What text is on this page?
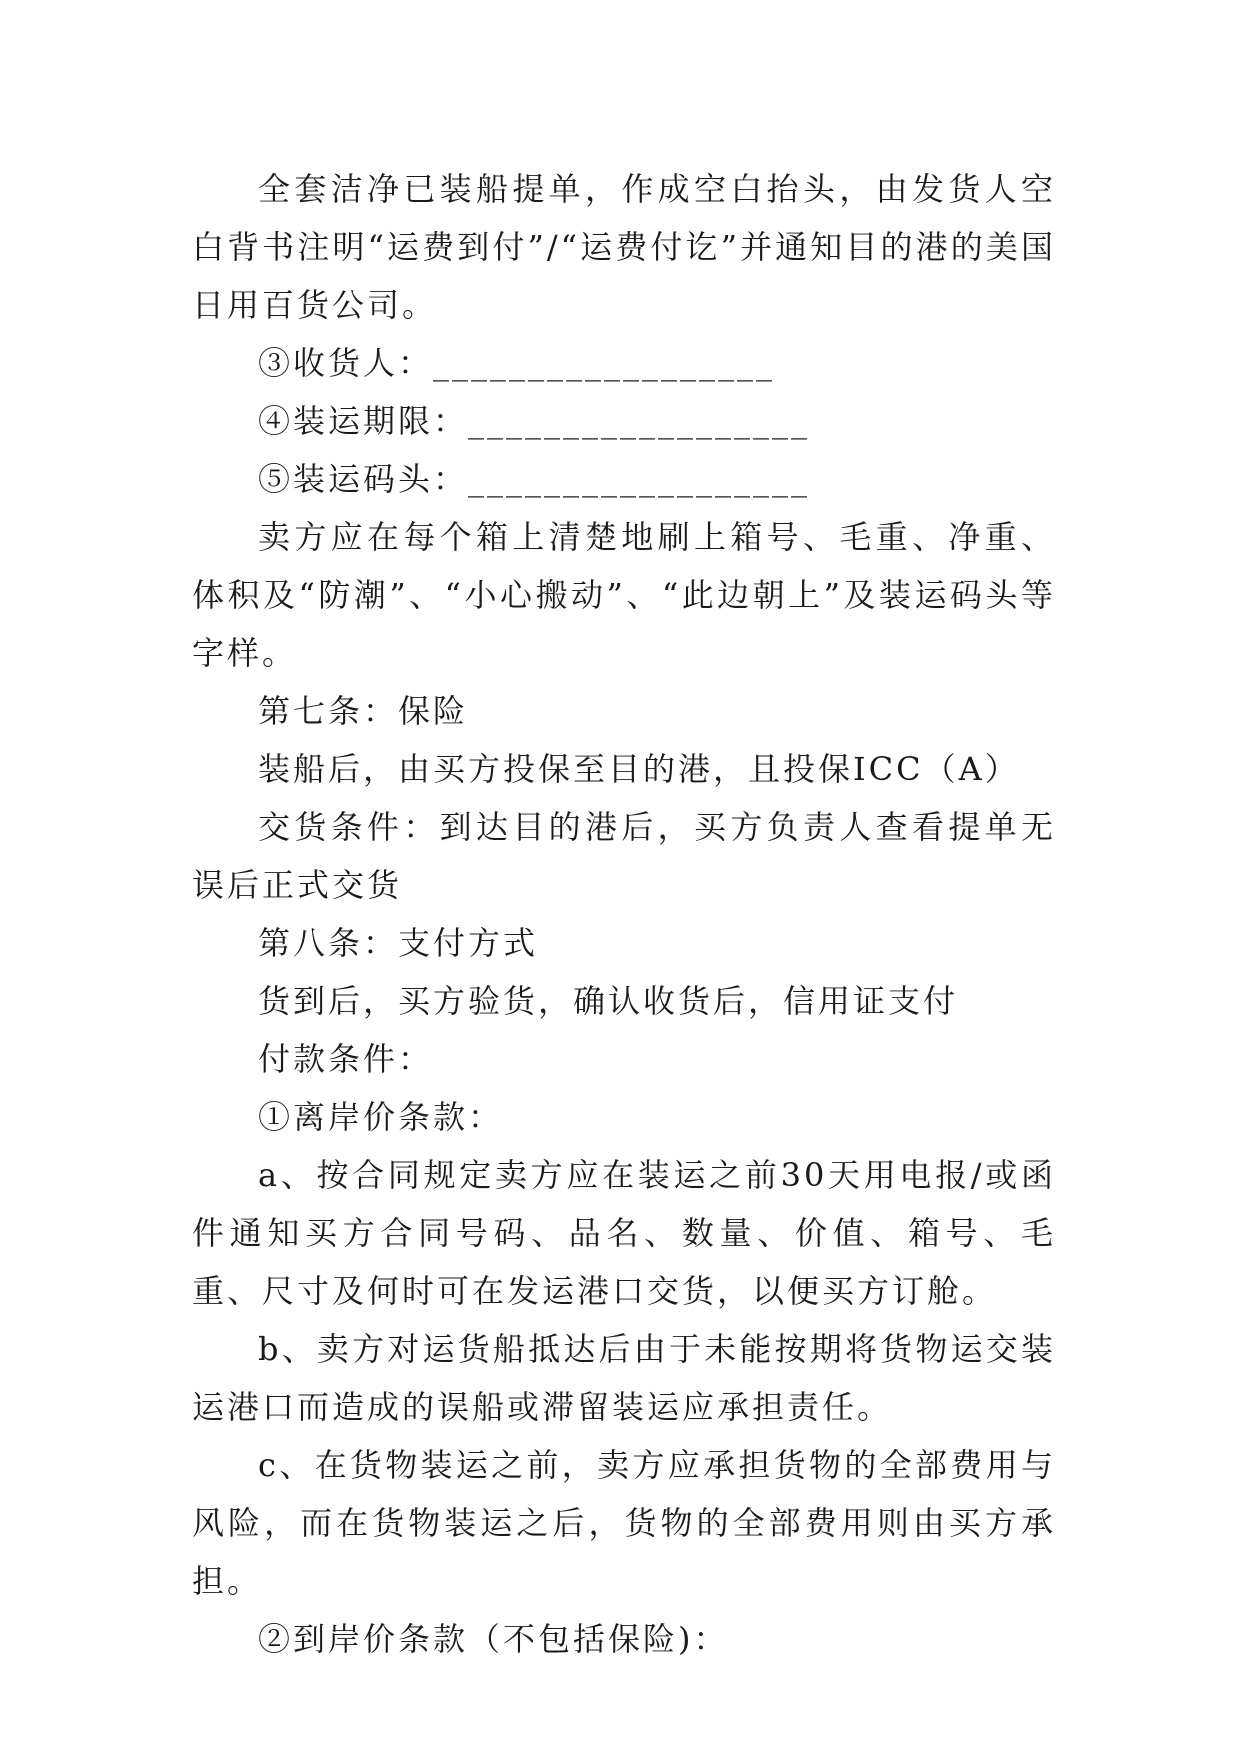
全套洁净已装船提单，作成空白抬头，由发货人空白背书注明“运费到付”/“运费付讫”并通知目的港的美国日用百货公司。

③收货人：__________________

④装运期限：__________________

⑤装运码头：__________________

卖方应在每个箱上清楚地刷上箱号、毛重、净重、体积及“防潮”、“小心搬动”、“此边朝上”及装运码头等字样。

第七条：保险

装船后，由买方投保至目的港，且投保ICC（A）

交货条件：到达目的港后，买方负责人查看提单无误后正式交货

第八条：支付方式

货到后，买方验货，确认收货后，信用证支付

付款条件：

①离岸价条款：

a、按合同规定卖方应在装运之前30天用电报/或函件通知买方合同号码、品名、数量、价值、箱号、毛重、尺寸及何时可在发运港口交货，以便买方订舱。

b、卖方对运货船抵达后由于未能按期将货物运交装运港口而造成的误船或滞留装运应承担责任。

c、在货物装运之前，卖方应承担货物的全部费用与风险，而在货物装运之后，货物的全部费用则由买方承担。

②到岸价条款（不包括保险)：
